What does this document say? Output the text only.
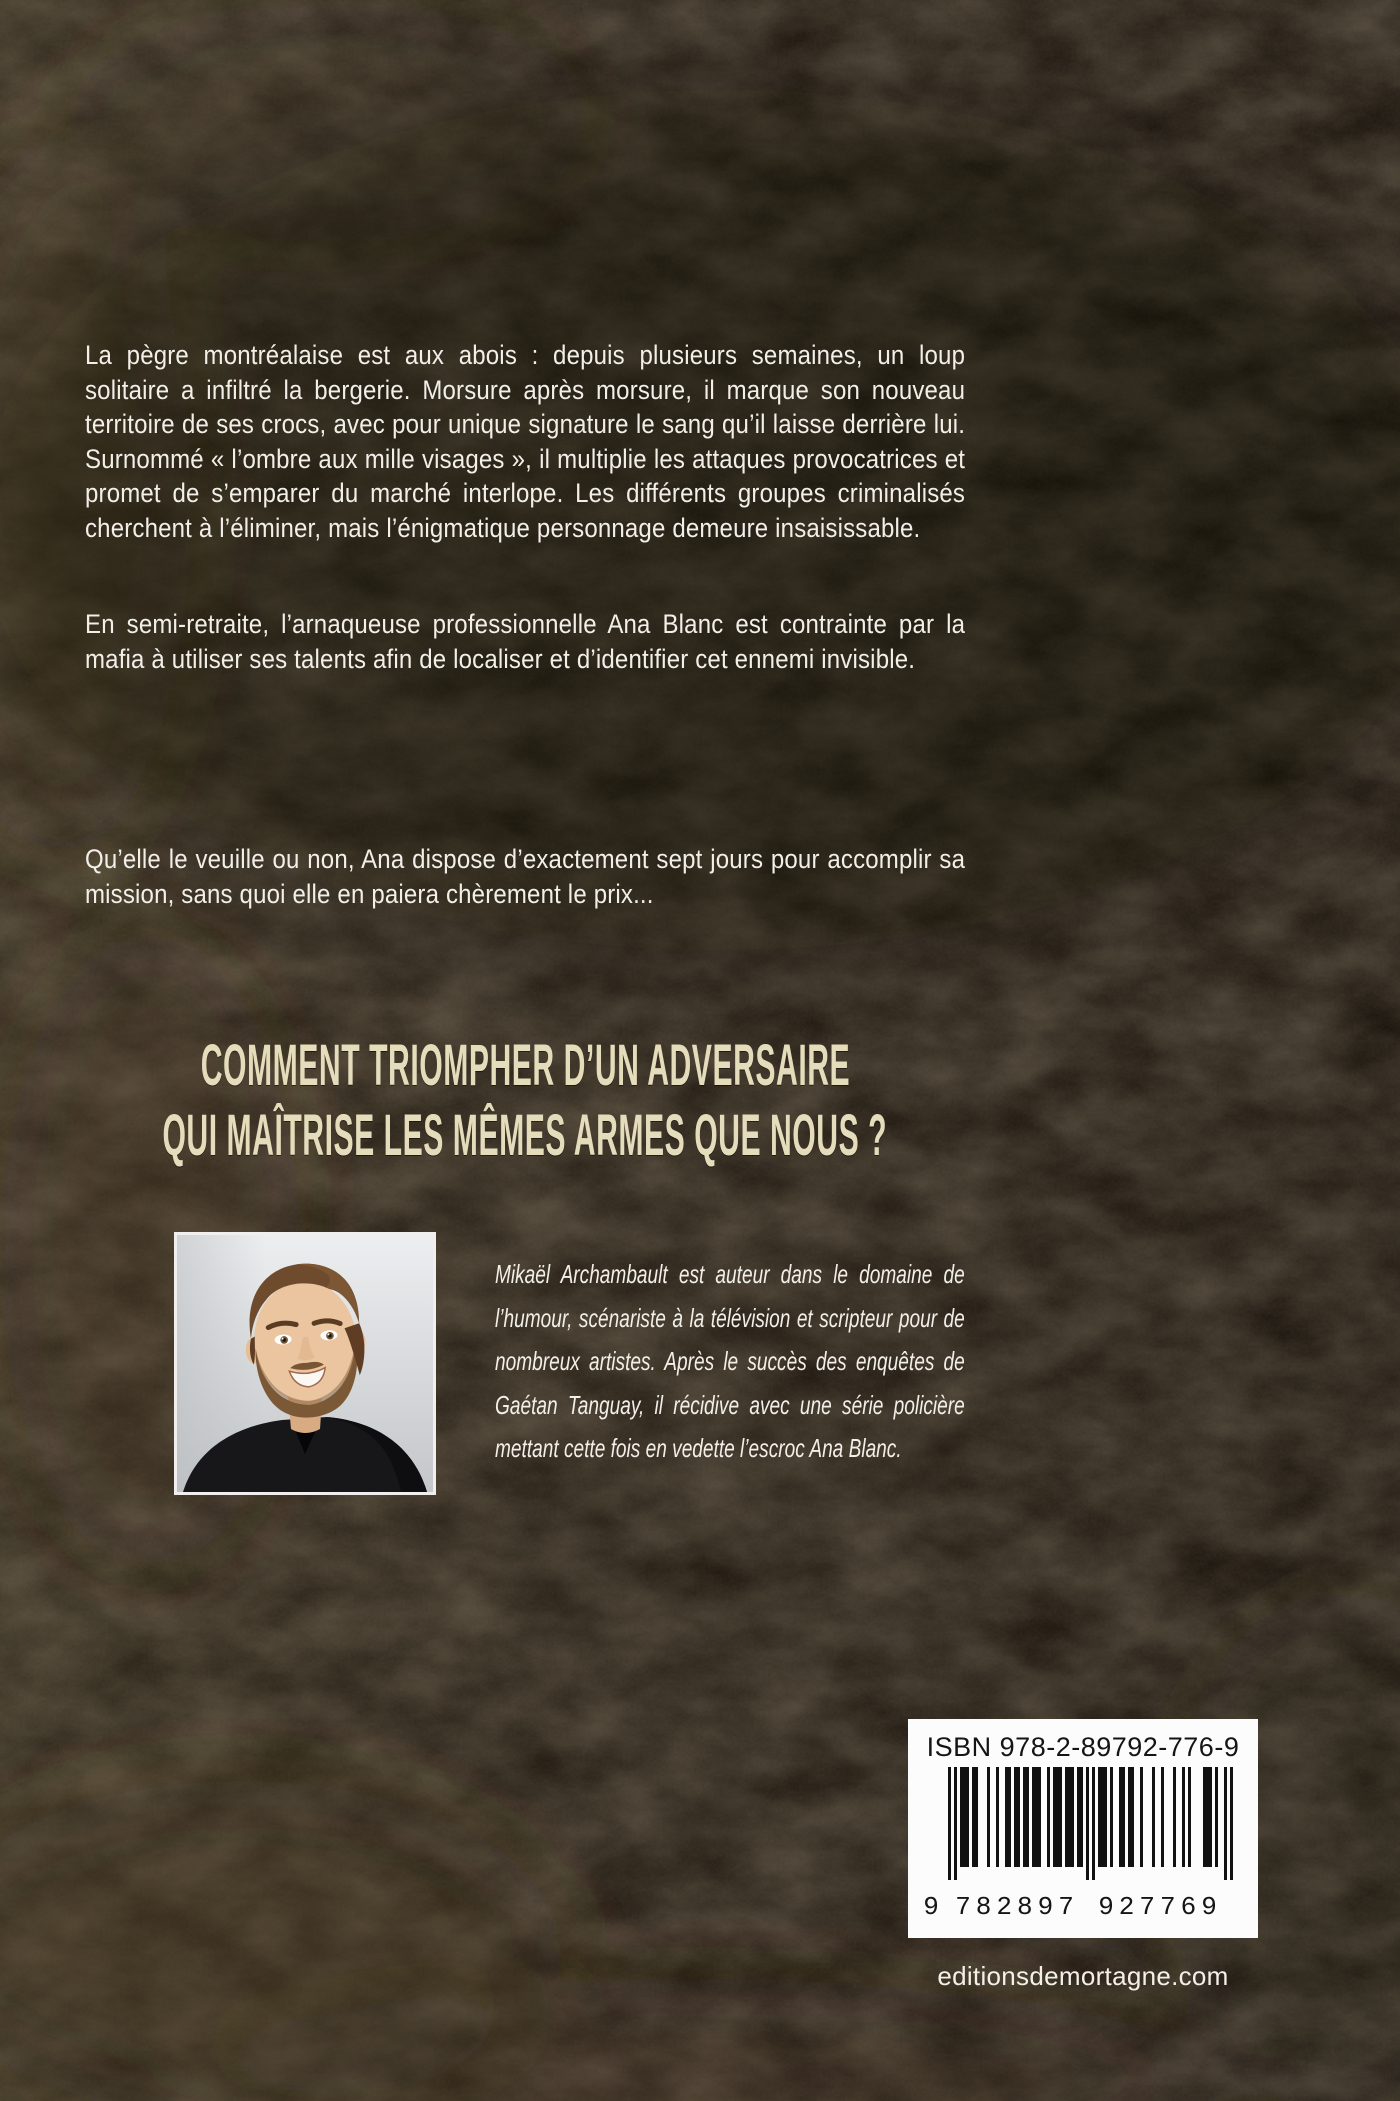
La pègre montréalaise est aux abois : depuis plusieurs semaines, un loup solitaire a infiltré la bergerie. Morsure après morsure, il marque son nouveau territoire de ses crocs, avec pour unique signature le sang qu’il laisse derrière lui. Surnommé « l’ombre aux mille visages », il multiplie les attaques provocatrices et promet de s’emparer du marché interlope. Les différents groupes criminalisés cherchent à l’éliminer, mais l’énigmatique personnage demeure insaisissable.

En semi-retraite, l’arnaqueuse professionnelle Ana Blanc est contrainte par la mafia à utiliser ses talents afin de localiser et d’identifier cet ennemi invisible.

Qu’elle le veuille ou non, Ana dispose d’exactement sept jours pour accomplir sa mission, sans quoi elle en paiera chèrement le prix...

COMMENT TRIOMPHER D’UN ADVERSAIRE
QUI MAÎTRISE LES MÊMES ARMES QUE NOUS ?

Mikaël Archambault est auteur dans le domaine de l’humour, scénariste à la télévision et scripteur pour de nombreux artistes. Après le succès des enquêtes de Gaétan Tanguay, il récidive avec une série policière mettant cette fois en vedette l’escroc Ana Blanc.

ISBN 978-2-89792-776-9
9 782897 927769

editionsdemortagne.com
